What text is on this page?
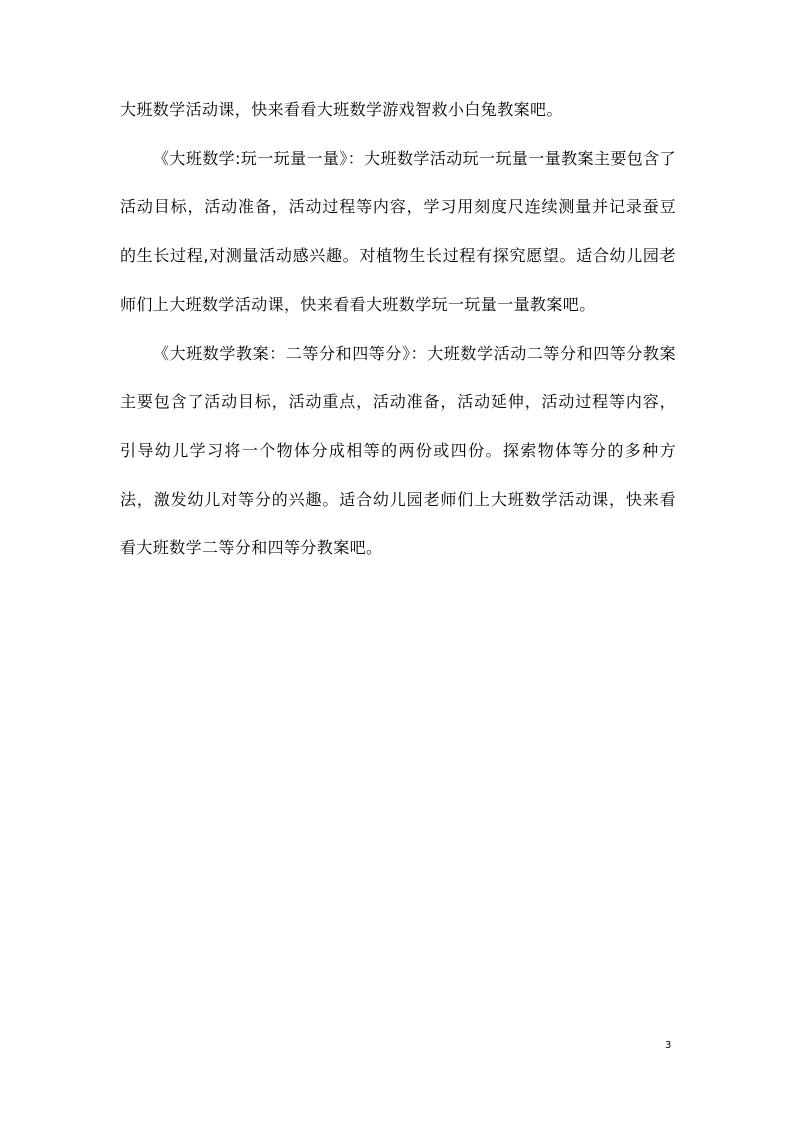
大班数学活动课，快来看看大班数学游戏智救小白兔教案吧。

《大班数学:玩一玩量一量》：大班数学活动玩一玩量一量教案主要包含了活动目标，活动准备，活动过程等内容，学习用刻度尺连续测量并记录蚕豆的生长过程,对测量活动感兴趣。对植物生长过程有探究愿望。适合幼儿园老师们上大班数学活动课，快来看看大班数学玩一玩量一量教案吧。

《大班数学教案：二等分和四等分》：大班数学活动二等分和四等分教案主要包含了活动目标，活动重点，活动准备，活动延伸，活动过程等内容，引导幼儿学习将一个物体分成相等的两份或四份。探索物体等分的多种方法，激发幼儿对等分的兴趣。适合幼儿园老师们上大班数学活动课，快来看看大班数学二等分和四等分教案吧。

3
